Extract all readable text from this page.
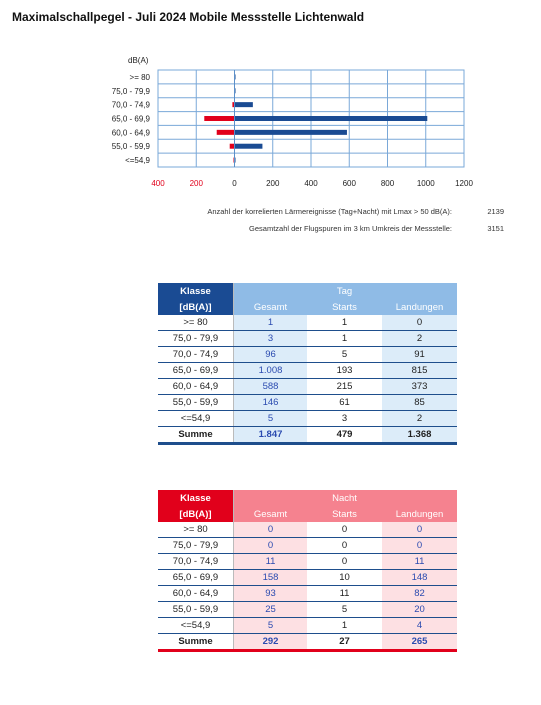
Maximalschallpegel - Juli 2024 Mobile Messstelle Lichtenwald
dB(A)
>= 80
75,0 - 79,9
70,0 - 74,9
65,0 - 69,9
60,0 - 64,9
55,0 - 59,9
<=54,9
400	200	0	200	400	600	800	1000	1200
Anzahl der korrelierten Lärmereignisse (Tag+Nacht) mit Lmax > 50 dB(A):	2139
Gesamtzahl der Flugspuren im 3 km Umkreis der Messstelle:	3151
Klasse		Tag	
[dB(A)]	Gesamt	Starts	Landungen
>= 80	1	1	0
75,0 - 79,9	3	1	2
70,0 - 74,9	96	5	91
65,0 - 69,9	1.008	193	815
60,0 - 64,9	588	215	373
55,0 - 59,9	146	61	85
<=54,9	5	3	2
Summe	1.847	479	1.368
Klasse		Nacht	
[dB(A)]	Gesamt	Starts	Landungen
>= 80	0	0	0
75,0 - 79,9	0	0	0
70,0 - 74,9	11	0	11
65,0 - 69,9	158	10	148
60,0 - 64,9	93	11	82
55,0 - 59,9	25	5	20
<=54,9	5	1	4
Summe	292	27	265
